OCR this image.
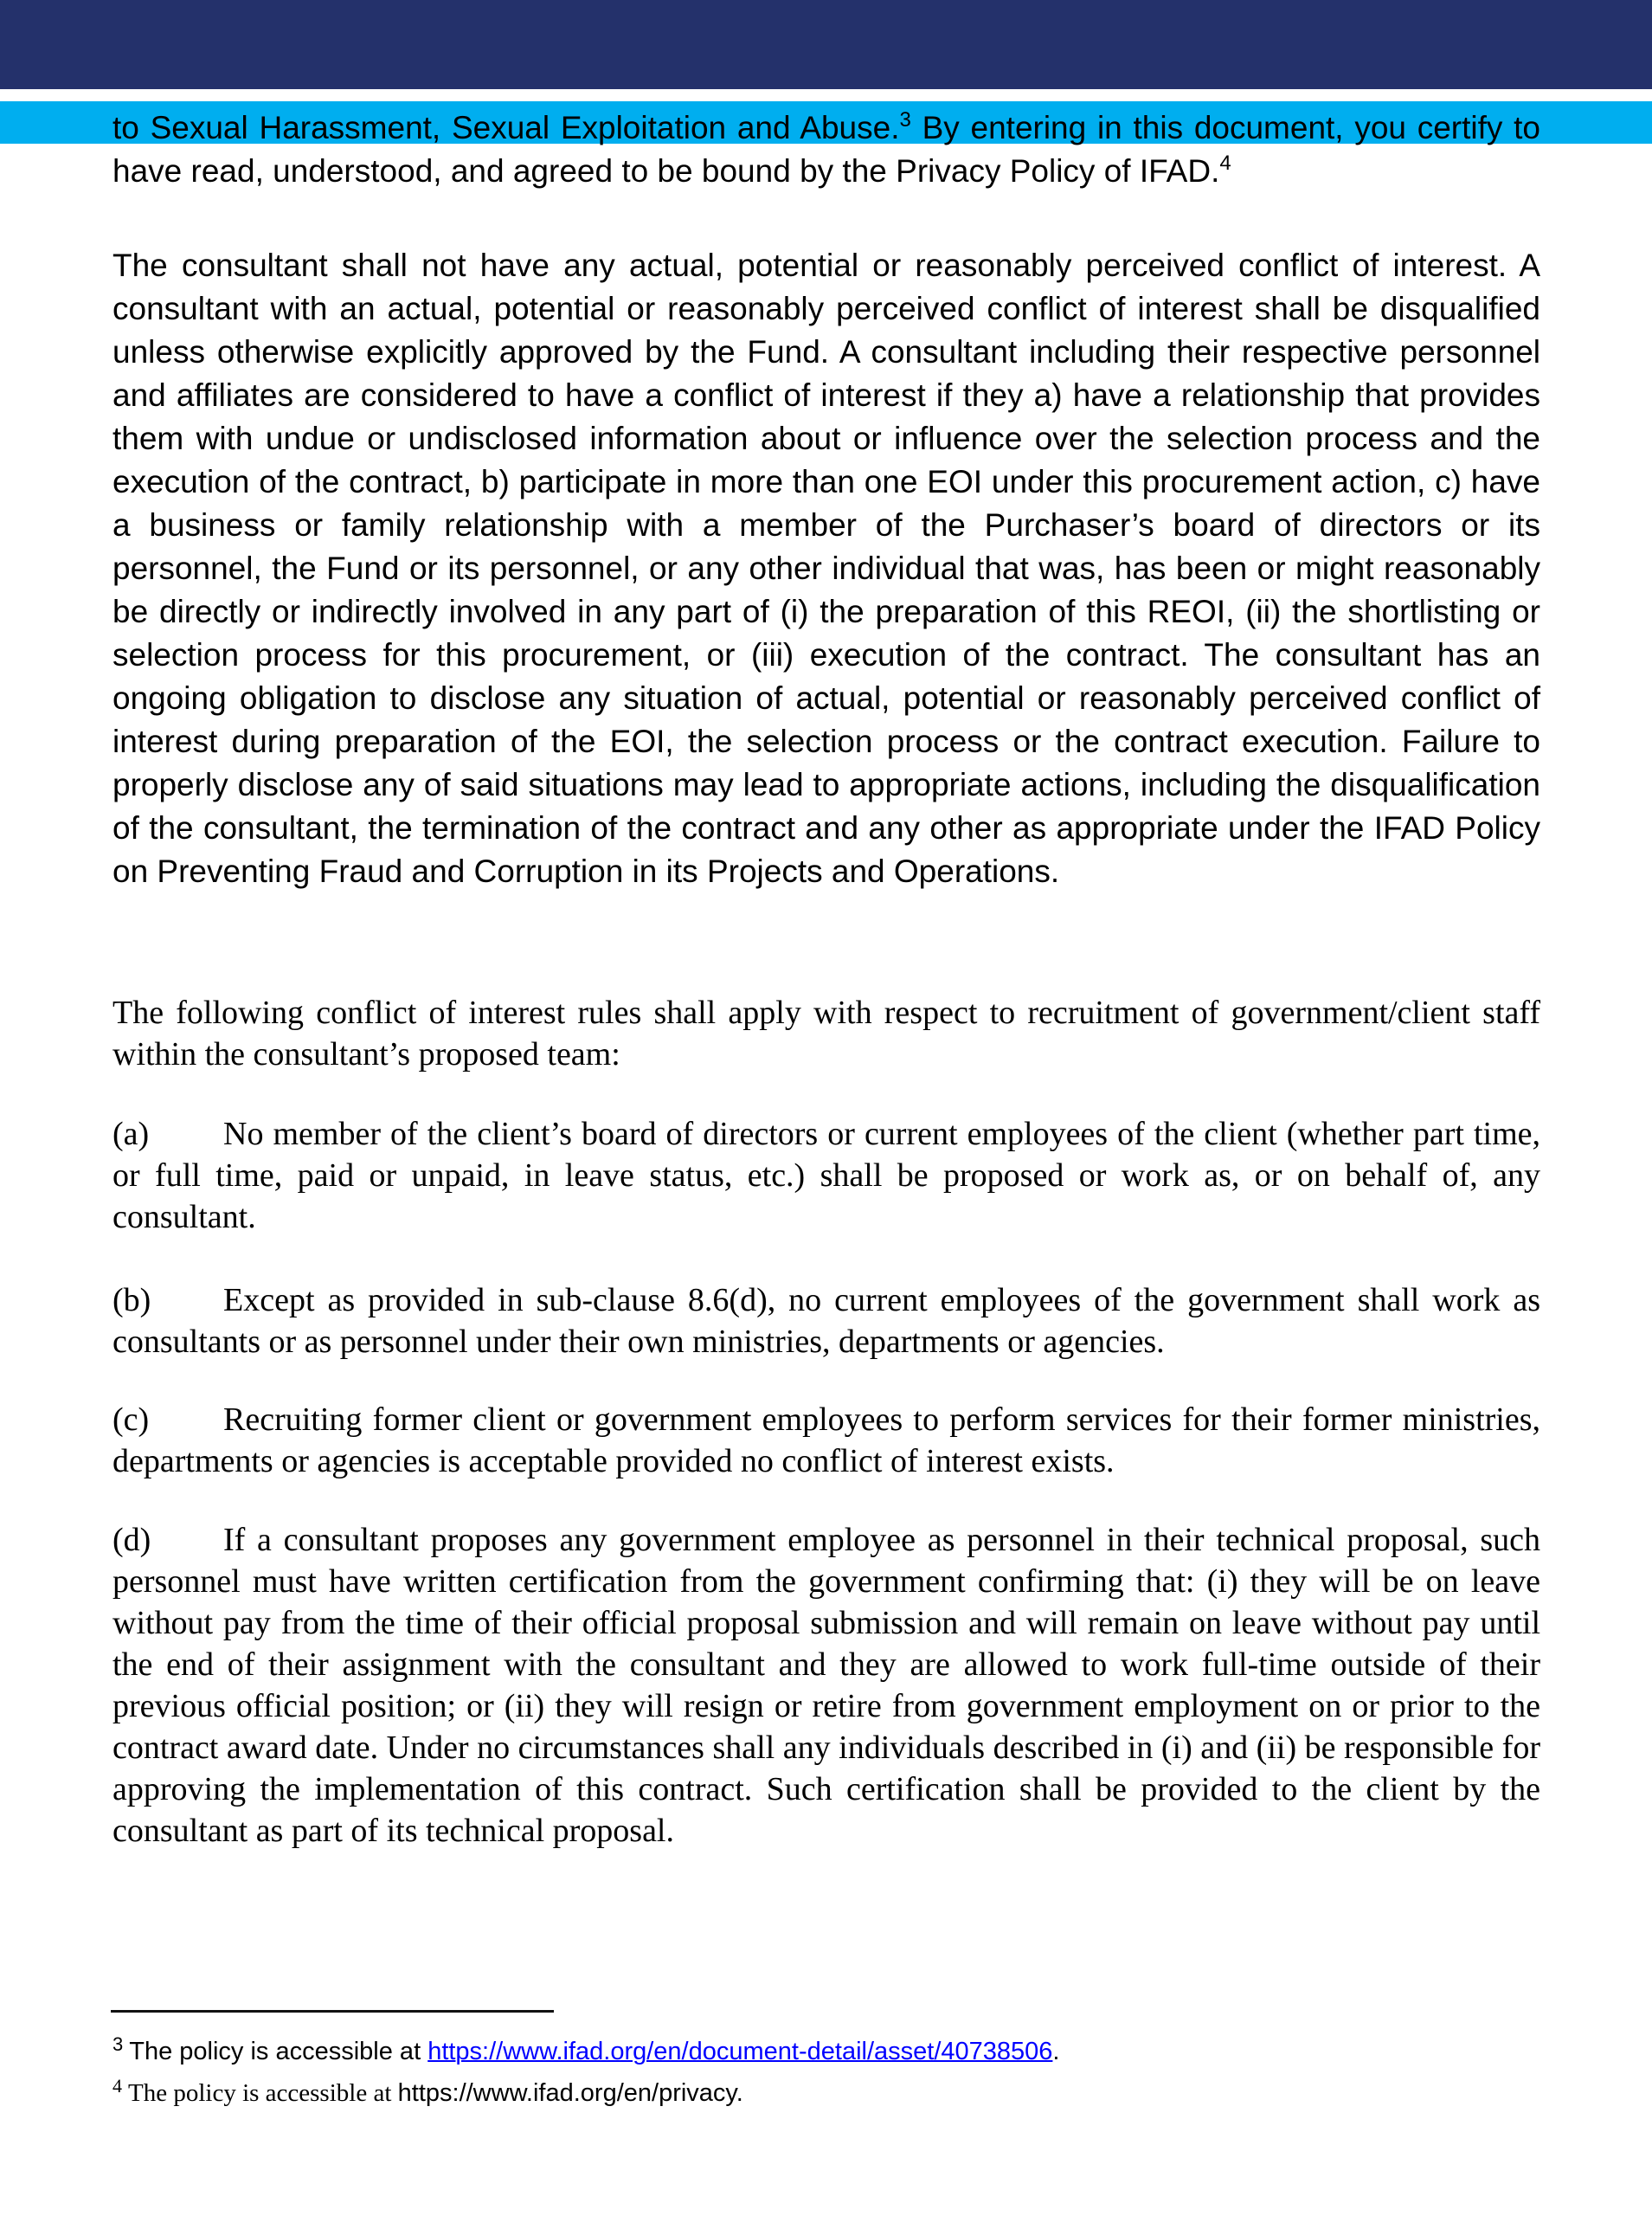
to Sexual Harassment, Sexual Exploitation and Abuse.$^3$ By entering in this document, you certify to have read, understood, and agreed to be bound by the Privacy Policy of IFAD.$^4$
The consultant shall not have any actual, potential or reasonably perceived conflict of interest. A consultant with an actual, potential or reasonably perceived conflict of interest shall be disqualified unless otherwise explicitly approved by the Fund. A consultant including their respective personnel and affiliates are considered to have a conflict of interest if they a) have a relationship that provides them with undue or undisclosed information about or influence over the selection process and the execution of the contract, b) participate in more than one EOI under this procurement action, c) have a business or family relationship with a member of the Purchaser’s board of directors or its personnel, the Fund or its personnel, or any other individual that was, has been or might reasonably be directly or indirectly involved in any part of (i) the preparation of this REOI, (ii) the shortlisting or selection process for this procurement, or (iii) execution of the contract. The consultant has an ongoing obligation to disclose any situation of actual, potential or reasonably perceived conflict of interest during preparation of the EOI, the selection process or the contract execution. Failure to properly disclose any of said situations may lead to appropriate actions, including the disqualification of the consultant, the termination of the contract and any other as appropriate under the IFAD Policy on Preventing Fraud and Corruption in its Projects and Operations.
The following conflict of interest rules shall apply with respect to recruitment of government/client staff within the consultant’s proposed team:
(a) No member of the client’s board of directors or current employees of the client (whether part time, or full time, paid or unpaid, in leave status, etc.) shall be proposed or work as, or on behalf of, any consultant.
(b) Except as provided in sub-clause 8.6(d), no current employees of the government shall work as consultants or as personnel under their own ministries, departments or agencies.
(c) Recruiting former client or government employees to perform services for their former ministries, departments or agencies is acceptable provided no conflict of interest exists.
(d) If a consultant proposes any government employee as personnel in their technical proposal, such personnel must have written certification from the government confirming that: (i) they will be on leave without pay from the time of their official proposal submission and will remain on leave without pay until the end of their assignment with the consultant and they are allowed to work full-time outside of their previous official position; or (ii) they will resign or retire from government employment on or prior to the contract award date. Under no circumstances shall any individuals described in (i) and (ii) be responsible for approving the implementation of this contract. Such certification shall be provided to the client by the consultant as part of its technical proposal.
$^3$ The policy is accessible at https://www.ifad.org/en/document-detail/asset/40738506.
$^4$ The policy is accessible at https://www.ifad.org/en/privacy.
